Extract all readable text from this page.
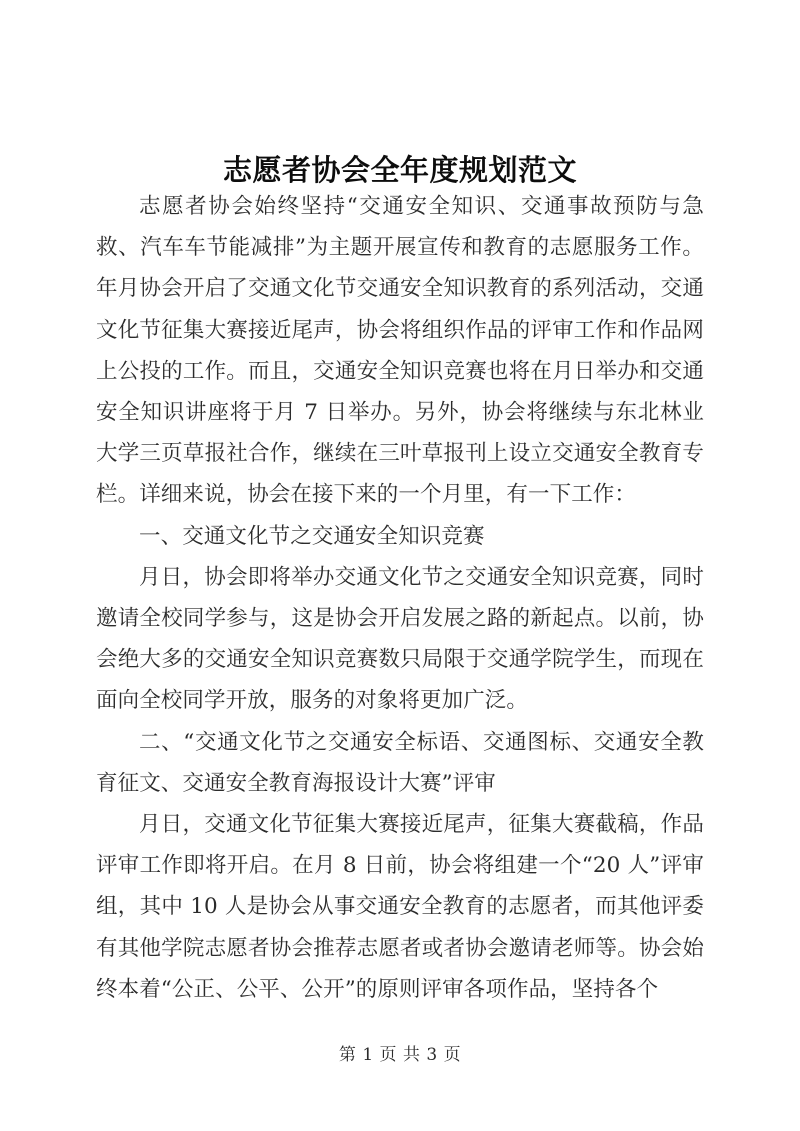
志愿者协会全年度规划范文

志愿者协会始终坚持“交通安全知识、交通事故预防与急救、汽车车节能减排”为主题开展宣传和教育的志愿服务工作。年月协会开启了交通文化节交通安全知识教育的系列活动，交通文化节征集大赛接近尾声，协会将组织作品的评审工作和作品网上公投的工作。而且，交通安全知识竞赛也将在月日举办和交通安全知识讲座将于月 7 日举办。另外，协会将继续与东北林业大学三页草报社合作，继续在三叶草报刊上设立交通安全教育专栏。详细来说，协会在接下来的一个月里，有一下工作：

一、交通文化节之交通安全知识竞赛

月日，协会即将举办交通文化节之交通安全知识竞赛，同时邀请全校同学参与，这是协会开启发展之路的新起点。以前，协会绝大多的交通安全知识竞赛数只局限于交通学院学生，而现在面向全校同学开放，服务的对象将更加广泛。

二、“交通文化节之交通安全标语、交通图标、交通安全教育征文、交通安全教育海报设计大赛”评审

月日，交通文化节征集大赛接近尾声，征集大赛截稿，作品评审工作即将开启。在月 8 日前，协会将组建一个“20 人”评审组，其中 10 人是协会从事交通安全教育的志愿者，而其他评委有其他学院志愿者协会推荐志愿者或者协会邀请老师等。协会始终本着“公正、公平、公开”的原则评审各项作品，坚持各个

第 1 页 共 3 页
